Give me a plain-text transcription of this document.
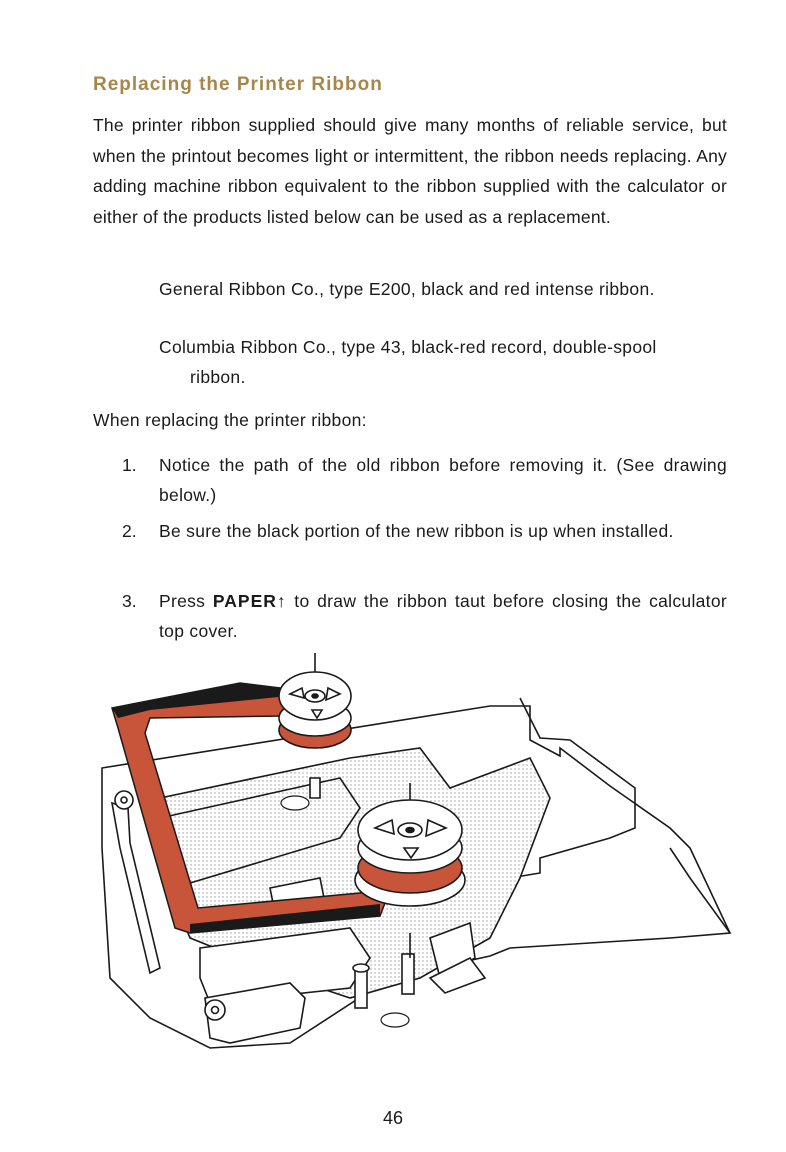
Replacing the Printer Ribbon
The printer ribbon supplied should give many months of reliable service, but when the printout becomes light or intermittent, the ribbon needs replacing. Any adding machine ribbon equivalent to the ribbon supplied with the calculator or either of the products listed below can be used as a replacement.
General Ribbon Co., type E200, black and red intense ribbon.
Columbia Ribbon Co., type 43, black-red record, double-spool
ribbon.
When replacing the printer ribbon:
1. Notice the path of the old ribbon before removing it. (See drawing below.)
2. Be sure the black portion of the new ribbon is up when installed.
3. Press PAPER↑ to draw the ribbon taut before closing the calculator top cover.
46
